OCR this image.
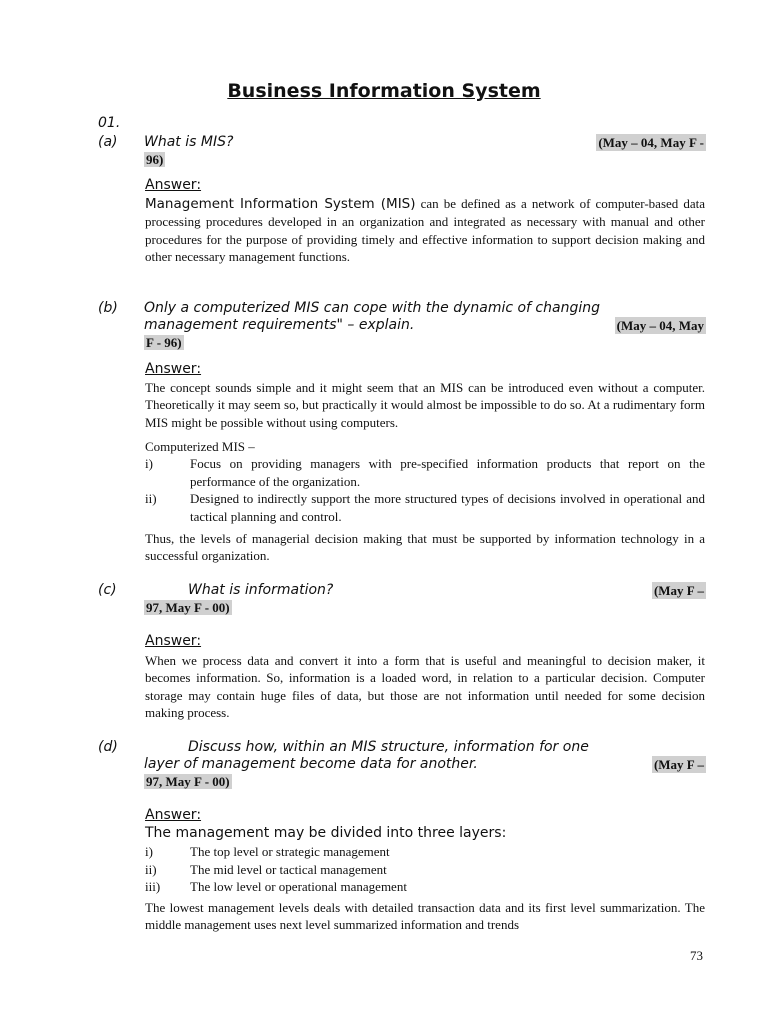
Business Information System
01.
(a)	(May – 04, May F -
What is MIS?
96)
Answer:
Management Information System (MIS) can be defined as a network of computer-based data processing procedures developed in an organization and integrated as necessary with manual and other procedures for the purpose of providing timely and effective information to support decision making and other necessary management functions.
(b)	Only a computerized MIS can cope with the dynamic of changing

(May – 04, May
management requirements" – explain.
F - 96)
Answer:
The concept sounds simple and it might seem that an MIS can be introduced even without a computer. Theoretically it may seem so, but practically it would almost be impossible to do so. At a rudimentary form MIS might be possible without using computers.
Computerized MIS –
i)	Focus on providing managers with pre-specified information products that report on the performance of the organization.
ii)	Designed to indirectly support the more structured types of decisions involved in operational and tactical planning and control.
Thus, the levels of managerial decision making that must be supported by information technology in a successful organization.
(c)	(May F –
What is information?
97, May F - 00)
Answer:
When we process data and convert it into a form that is useful and meaningful to decision maker, it becomes information. So, information is a loaded word, in relation to a particular decision. Computer storage may contain huge files of data, but those are not information until needed for some decision making process.
(d)	Discuss how, within an MIS structure, information for one

(May F –
layer of management become data for another.
97, May F - 00)
Answer:
The management may be divided into three layers:
i)	The top level or strategic management
ii)	The mid level or tactical management
iii) The low level or operational management
The lowest management levels deals with detailed transaction data and its first level summarization. The middle management uses next level summarized information and trends
73
